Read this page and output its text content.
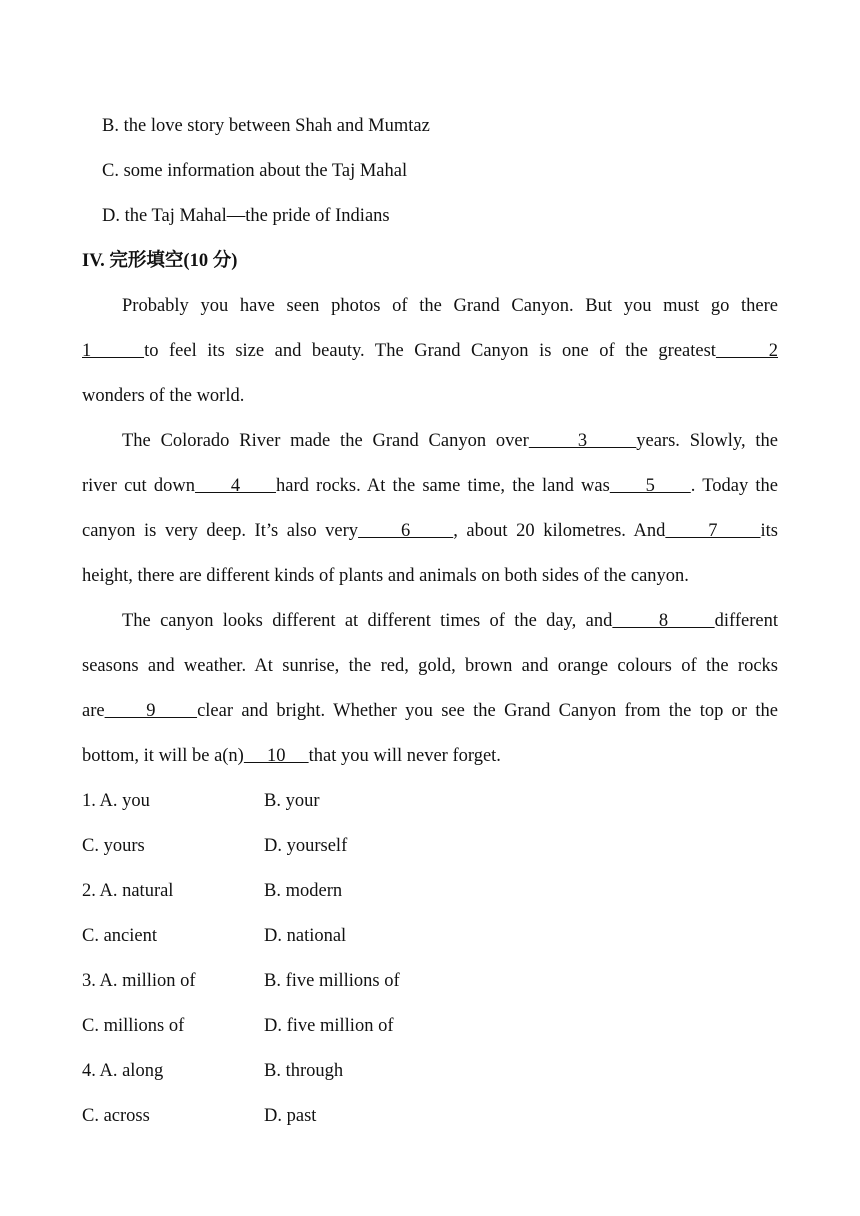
B. the love story between Shah and Mumtaz
C. some information about the Taj Mahal
D. the Taj Mahal—the pride of Indians
IV. 完形填空(10 分)
Probably you have seen photos of the Grand Canyon. But you must go there
1     to feel its size and beauty. The Grand Canyon is one of the greatest     2
wonders of the world.
The Colorado River made the Grand Canyon over     3     years. Slowly, the
river cut down     4     hard rocks. At the same time, the land was     5     . Today the
canyon is very deep. It’s also very     6     , about 20 kilometres. And     7     its
height, there are different kinds of plants and animals on both sides of the canyon.
The canyon looks different at different times of the day, and     8     different
seasons and weather. At sunrise, the red, gold, brown and orange colours of the rocks
are     9     clear and bright. Whether you see the Grand Canyon from the top or the
bottom, it will be a(n)     10     that you will never forget.
1. A. you	B. your
C. yours	D. yourself
2. A. natural	B. modern
C. ancient	D. national
3. A. million of	B. five millions of
C. millions of	D. five million of
4. A. along	B. through
C. across	D. past
